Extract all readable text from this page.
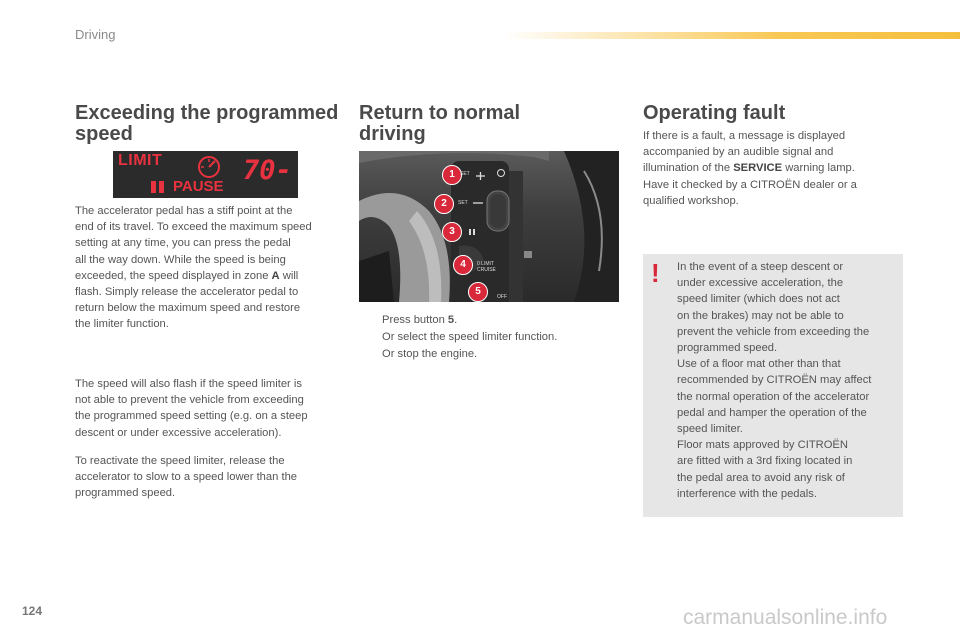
Driving
Exceeding the programmed
speed
LIMIT	70-
PAUSE
The accelerator pedal has a stiff point at the
end of its travel. To exceed the maximum speed
setting at any time, you can press the pedal
all the way down. While the speed is being
exceeded, the speed displayed in zone A will
flash. Simply release the accelerator pedal to
return below the maximum speed and restore
the limiter function.
The speed will also flash if the speed limiter is
not able to prevent the vehicle from exceeding
the programmed speed setting (e.g. on a steep
descent or under excessive acceleration).
To reactivate the speed limiter, release the
accelerator to slow to a speed lower than the
programmed speed.
Return to normal
driving
1
2
3
4
5
SET
SET
0 LIMIT CRUISE
OFF
Press button 5.
Or select the speed limiter function.
Or stop the engine.
Operating fault
If there is a fault, a message is displayed
accompanied by an audible signal and
illumination of the SERVICE warning lamp.
Have it checked by a CITROËN dealer or a
qualified workshop.
! In the event of a steep descent or
under excessive acceleration, the
speed limiter (which does not act
on the brakes) may not be able to
prevent the vehicle from exceeding the
programmed speed.
Use of a floor mat other than that
recommended by CITROËN may affect
the normal operation of the accelerator
pedal and hamper the operation of the
speed limiter.
Floor mats approved by CITROËN
are fitted with a 3rd fixing located in
the pedal area to avoid any risk of
interference with the pedals.
124	carmanualsonline.info
